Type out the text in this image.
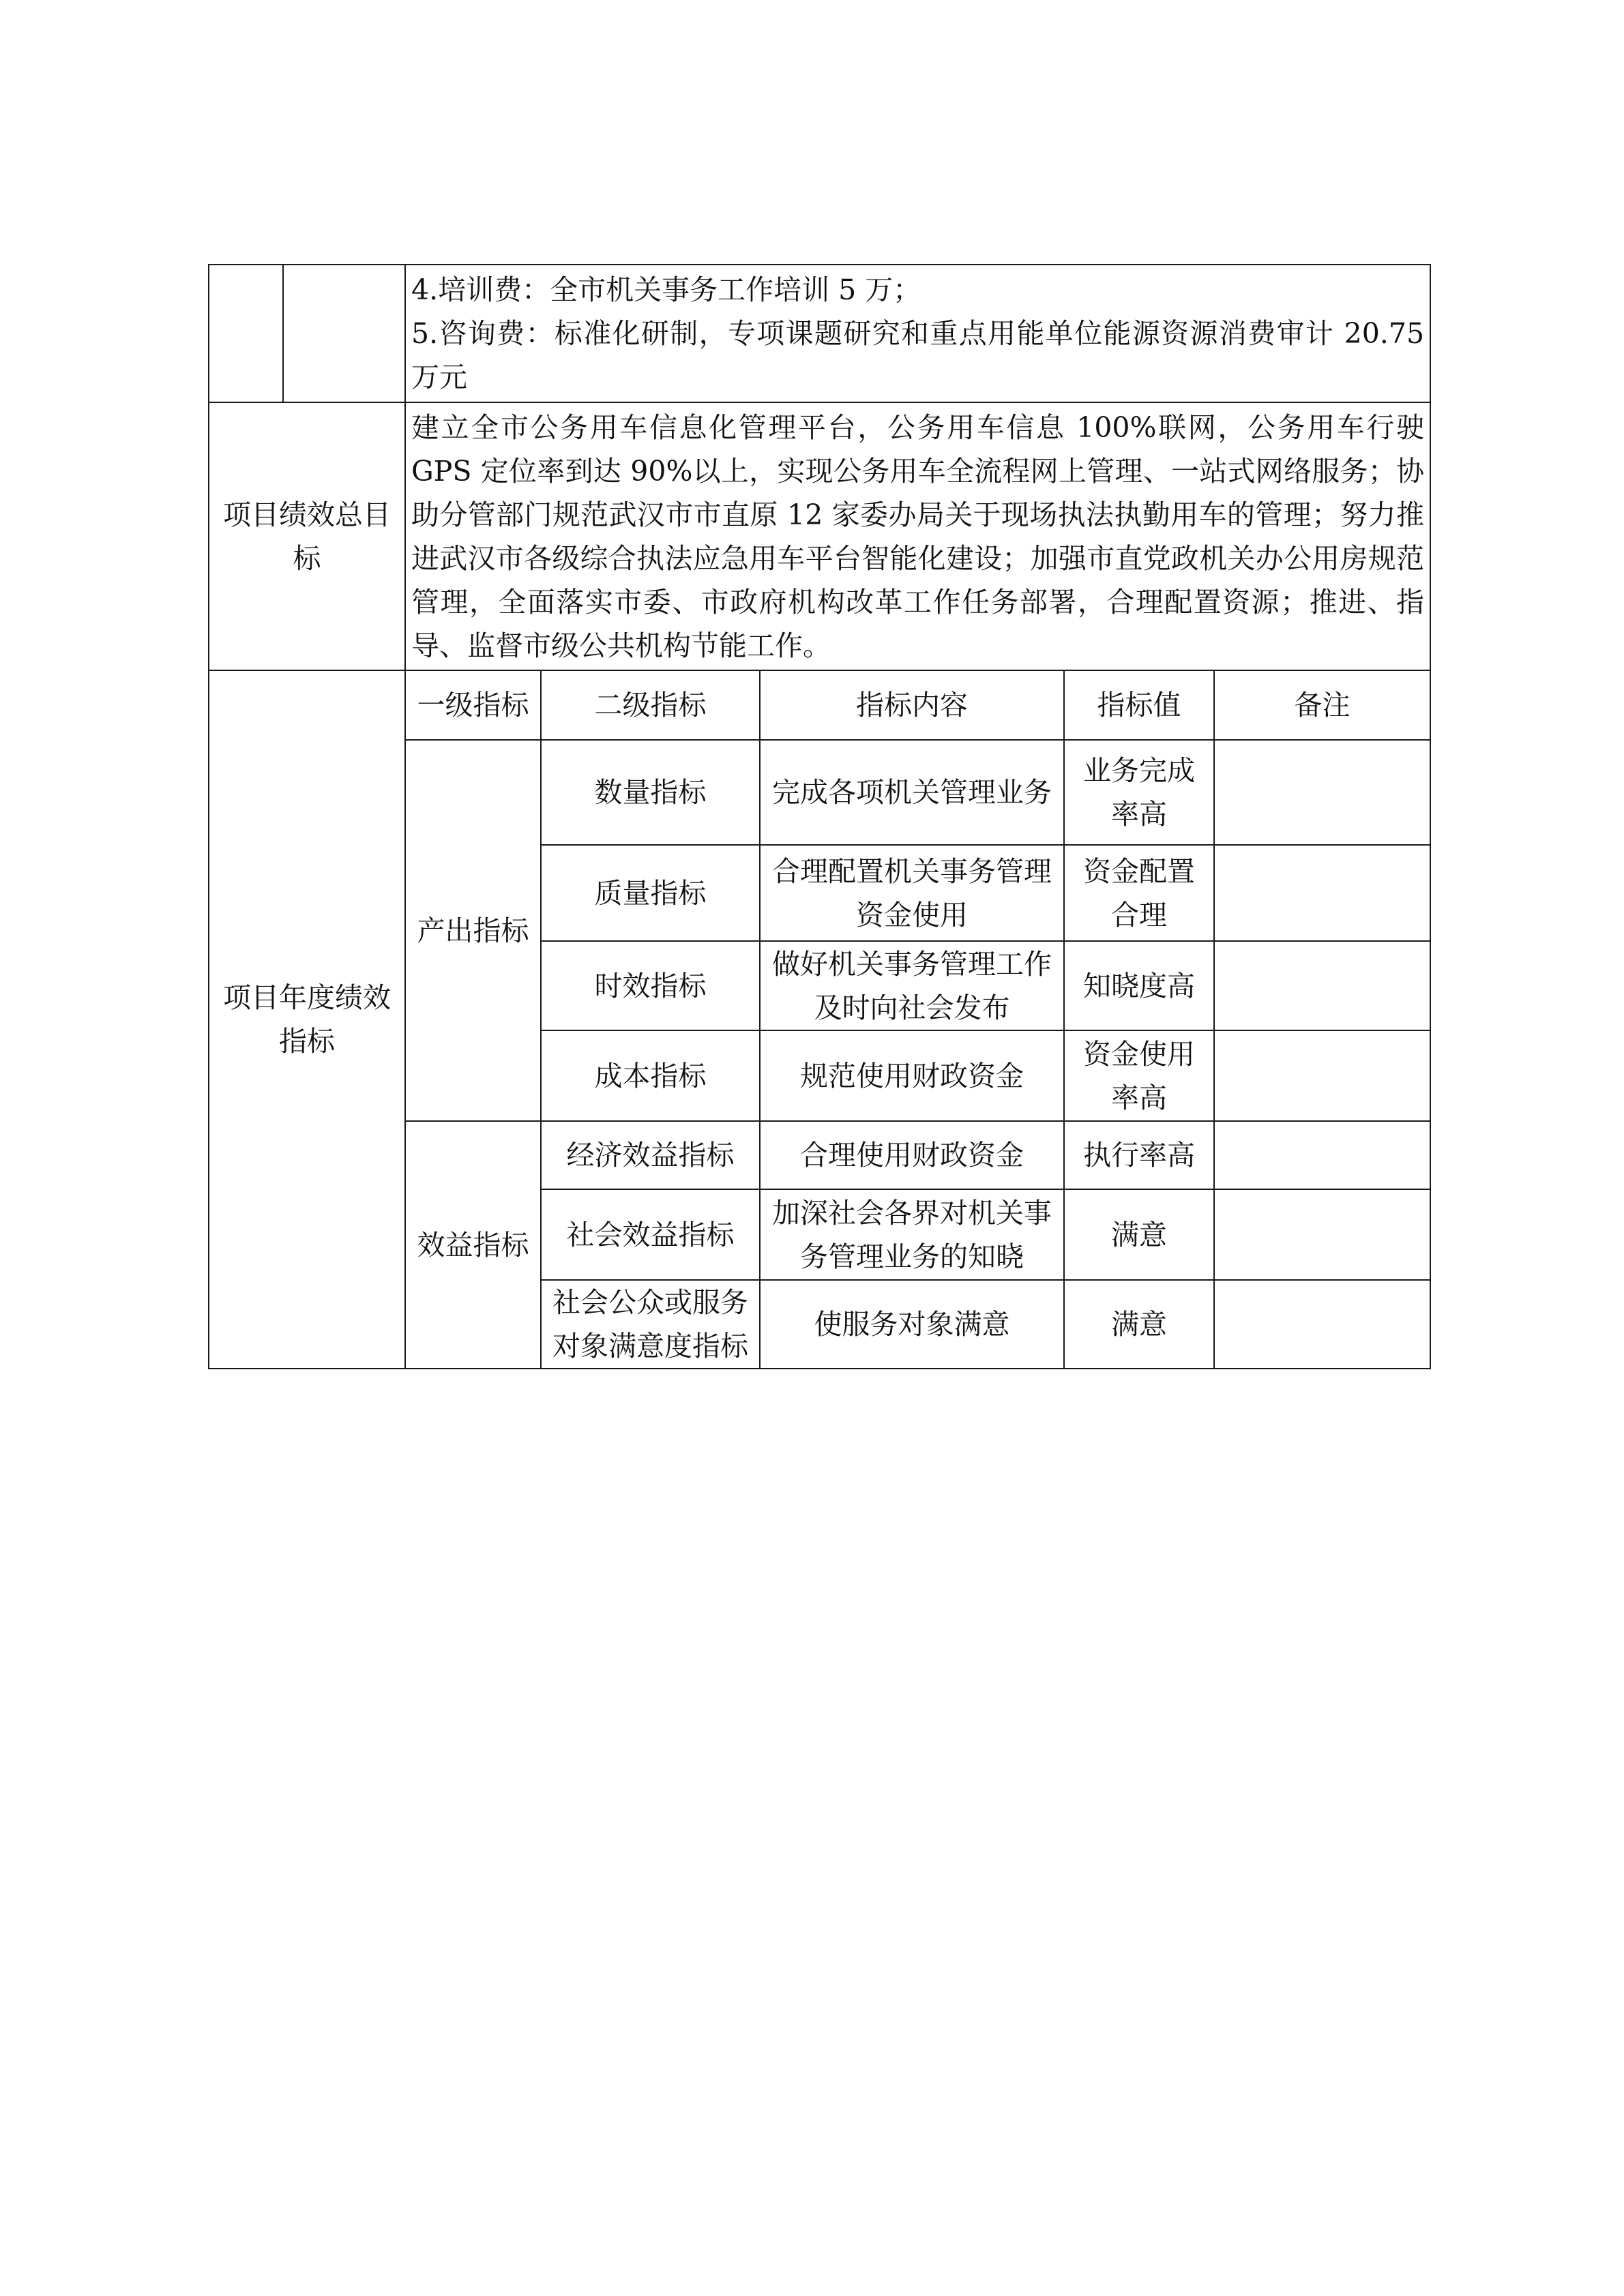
		4.培训费：全市机关事务工作培训 5 万；
5.咨询费：标准化研制，专项课题研究和重点用能单位能源资源消费审计 20.75 万元				

项目绩效总目标		建立全市公务用车信息化管理平台，公务用车信息 100%联网，公务用车行驶 GPS 定位率到达 90%以上，实现公务用车全流程网上管理、一站式网络服务；协助分管部门规范武汉市市直原 12 家委办局关于现场执法执勤用车的管理；努力推进武汉市各级综合执法应急用车平台智能化建设；加强市直党政机关办公用房规范管理，全面落实市委、市政府机构改革工作任务部署，合理配置资源；推进、指导、监督市级公共机构节能工作。				
项目年度绩效指标		一级指标	二级指标	指标内容	指标值	备注
		产出指标	数量指标	完成各项机关管理业务	业务完成率高	
			质量指标	合理配置机关事务管理资金使用	资金配置合理	
			时效指标	做好机关事务管理工作及时向社会发布	知晓度高	
			成本指标	规范使用财政资金	资金使用率高	
		效益指标	经济效益指标	合理使用财政资金	执行率高	
			社会效益指标	加深社会各界对机关事务管理业务的知晓	满意	
			社会公众或服务对象满意度指标	使服务对象满意	满意	
